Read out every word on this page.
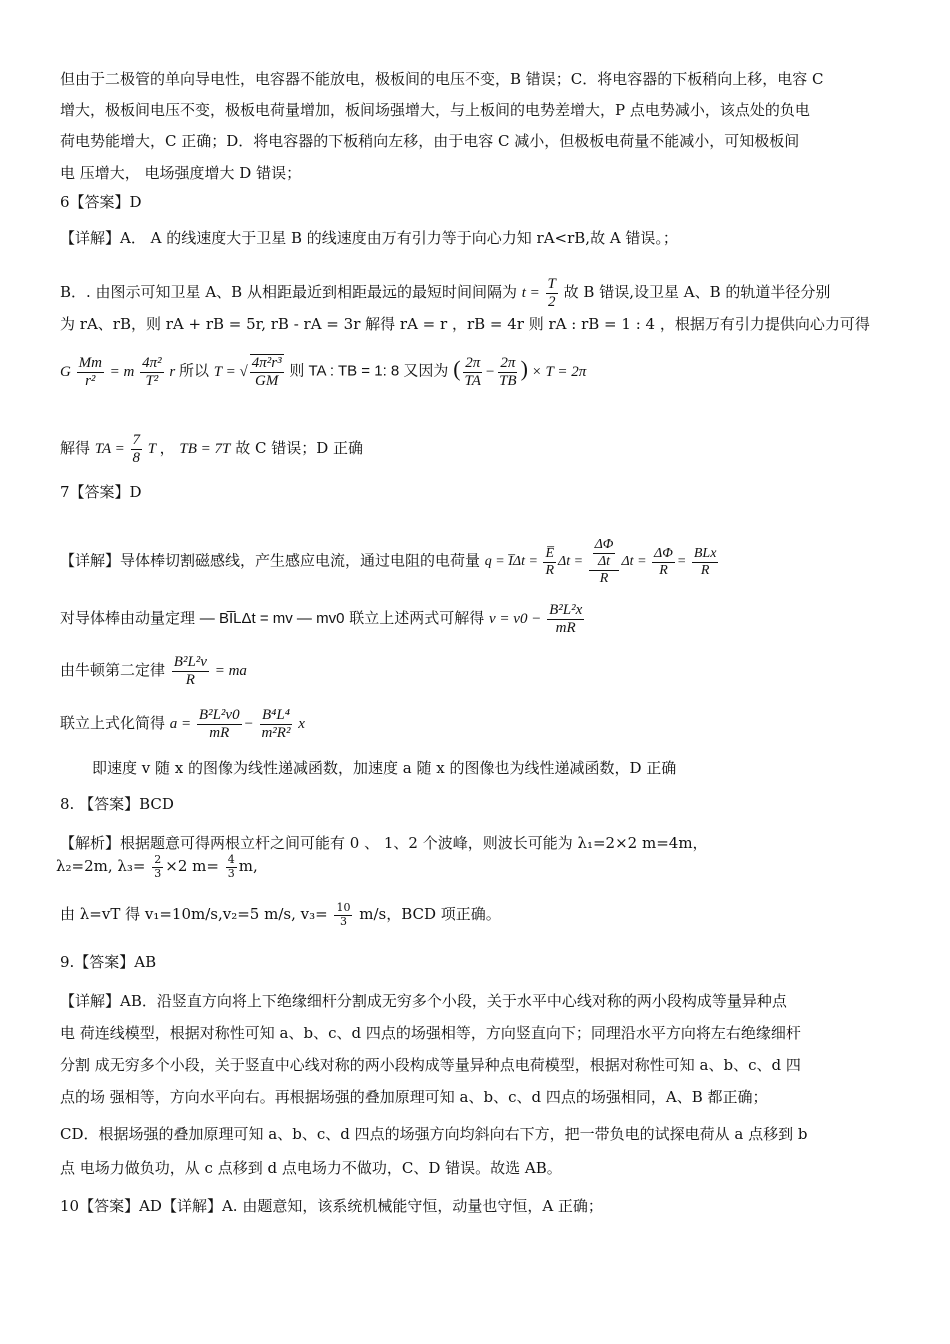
但由于二极管的单向导电性，电容器不能放电，极板间的电压不变，B 错误；C．将电容器的下板稍向上移，电容 C
增大，极板间电压不变，极板电荷量增加，板间场强增大，与上板间的电势差增大，P 点电势减小，该点处的负电
荷电势能增大，C 正确；D．将电容器的下板稍向左移，由于电容 C 减小，但极板电荷量不能减小，可知极板间
电 压增大， 电场强度增大 D 错误；
6【答案】D
【详解】A． A 的线速度大于卫星 B 的线速度由万有引力等于向心力知 rA<rB,故 A 错误。；
B．. 由图示可知卫星 A、B 从相距最近到相距最远的最短时间间隔为 $t = \frac{T}{2}$ 故 B 错误,设卫星 A、B 的轨道半径分别
为 rA、rB，则 rA + rB = 5r, rB - rA = 3r 解得 rA = r ，rB = 4r 则 rA : rB = 1 : 4 ，根据万有引力提供向心力可得
G $\frac{Mm}{\text{r²}} = m \frac{\text{4π²}}{\text{T²}}$ r 所以 T = √ $\frac{\text{4π²r³}}{GM}$ 则 TA : TB = 1: 8 又因为 ( $\frac{2\pi}{TA} - \frac{2\pi}{TB}$ ) × T = 2π
解得 TA = $\frac{7}{8}$ T ， TB = 7T 故 C 错误；D 正确
7【答案】D
【详解】导体棒切割磁感线，产生感应电流，通过电阻的电荷量 q = I̅Δt = $\frac{E̅}{R}$ $\Delta t = \frac{\frac{\Delta\Phi}{\Delta t}}{R}$ $\Delta t = \frac{\Delta\Phi}{R} = \frac{\text{BLx}}{R}$
对导体棒由动量定理 — BI̅LΔt = mv — mv0 联立上述两式可解得 $v = v0 - \frac{\text{B²L²x}}{mR}$
由牛顿第二定律 $\frac{\text{B²L²v}}{R}$ = ma
联立上式化简得 $a = \frac{\text{B²L²v0}}{mR} - \frac{\text{B⁴L⁴}}{\text{m²R²}}$ x
即速度 v 随 x 的图像为线性递减函数，加速度 a 随 x 的图像也为线性递减函数，D 正确
8. 【答案】BCD
【解析】根据题意可得两根立杆之间可能有 0 、 1、2 个波峰，则波长可能为 λ₁=2×2 m=4m，
λ₂=2m, $\lambda_3= \frac{2}{3} \times 2$ $m= \frac{4}{3} m$,
由 λ=vT 得 v₁=10m/s,v₂=5 m/s, $v_3= \frac{10}{3} m/s$，BCD 项正确。
9.【答案】AB
【详解】AB．沿竖直方向将上下绝缘细杆分割成无穷多个小段，关于水平中心线对称的两小段构成等量异种点
电 荷连线模型，根据对称性可知 a、b、c、d 四点的场强相等，方向竖直向下；同理沿水平方向将左右绝缘细杆
分割 成无穷多个小段，关于竖直中心线对称的两小段构成等量异种点电荷模型，根据对称性可知 a、b、c、d 四
点的场 强相等，方向水平向右。再根据场强的叠加原理可知 a、b、c、d 四点的场强相同，A、B 都正确；
CD．根据场强的叠加原理可知 a、b、c、d 四点的场强方向均斜向右下方，把一带负电的试探电荷从 a 点移到 b
点 电场力做负功，从 c 点移到 d 点电场力不做功，C、D 错误。故选 AB。
10【答案】AD【详解】A. 由题意知，该系统机械能守恒，动量也守恒，A 正确；
